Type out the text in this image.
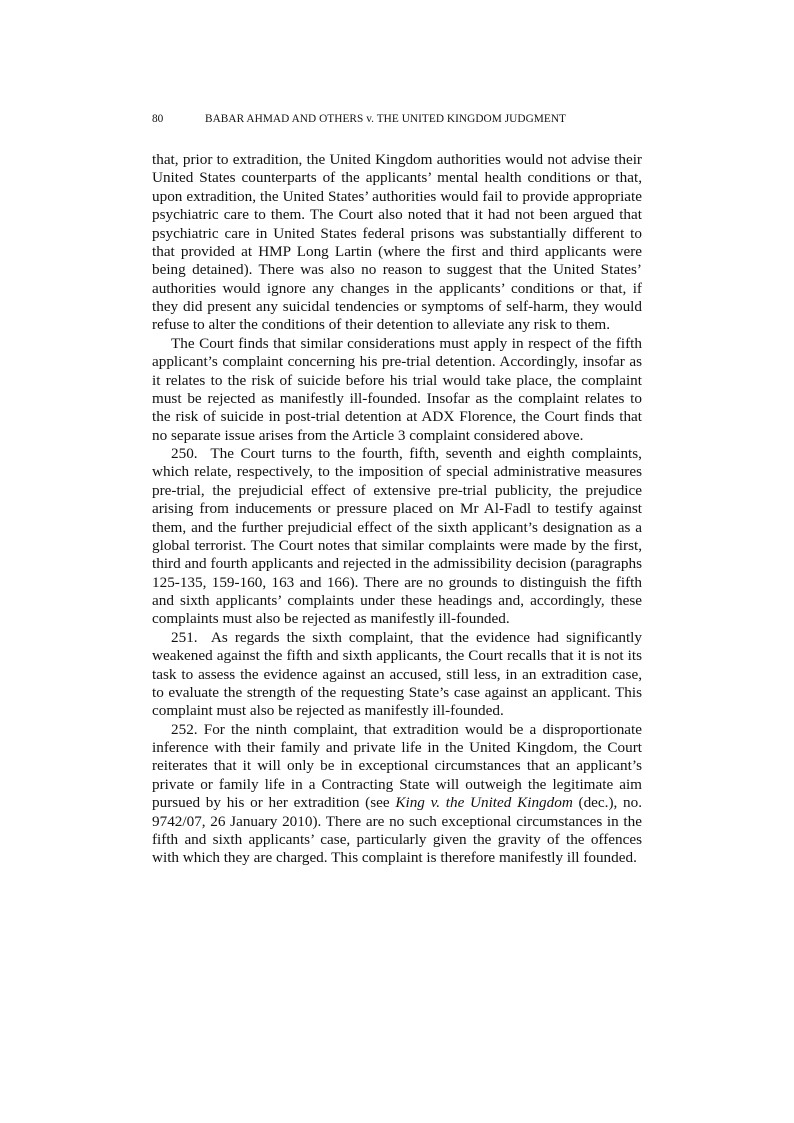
80	BABAR AHMAD AND OTHERS v. THE UNITED KINGDOM JUDGMENT

that, prior to extradition, the United Kingdom authorities would not advise their United States counterparts of the applicants’ mental health conditions or that, upon extradition, the United States’ authorities would fail to provide appropriate psychiatric care to them. The Court also noted that it had not been argued that psychiatric care in United States federal prisons was substantially different to that provided at HMP Long Lartin (where the first and third applicants were being detained). There was also no reason to suggest that the United States’ authorities would ignore any changes in the applicants’ conditions or that, if they did present any suicidal tendencies or symptoms of self-harm, they would refuse to alter the conditions of their detention to alleviate any risk to them.

The Court finds that similar considerations must apply in respect of the fifth applicant’s complaint concerning his pre-trial detention. Accordingly, insofar as it relates to the risk of suicide before his trial would take place, the complaint must be rejected as manifestly ill-founded. Insofar as the complaint relates to the risk of suicide in post-trial detention at ADX Florence, the Court finds that no separate issue arises from the Article 3 complaint considered above.

250. The Court turns to the fourth, fifth, seventh and eighth complaints, which relate, respectively, to the imposition of special administrative measures pre-trial, the prejudicial effect of extensive pre-trial publicity, the prejudice arising from inducements or pressure placed on Mr Al-Fadl to testify against them, and the further prejudicial effect of the sixth applicant’s designation as a global terrorist. The Court notes that similar complaints were made by the first, third and fourth applicants and rejected in the admissibility decision (paragraphs 125-135, 159-160, 163 and 166). There are no grounds to distinguish the fifth and sixth applicants’ complaints under these headings and, accordingly, these complaints must also be rejected as manifestly ill-founded.

251. As regards the sixth complaint, that the evidence had significantly weakened against the fifth and sixth applicants, the Court recalls that it is not its task to assess the evidence against an accused, still less, in an extradition case, to evaluate the strength of the requesting State’s case against an applicant. This complaint must also be rejected as manifestly ill-founded.

252. For the ninth complaint, that extradition would be a disproportionate inference with their family and private life in the United Kingdom, the Court reiterates that it will only be in exceptional circumstances that an applicant’s private or family life in a Contracting State will outweigh the legitimate aim pursued by his or her extradition (see King v. the United Kingdom (dec.), no. 9742/07, 26 January 2010). There are no such exceptional circumstances in the fifth and sixth applicants’ case, particularly given the gravity of the offences with which they are charged. This complaint is therefore manifestly ill founded.
